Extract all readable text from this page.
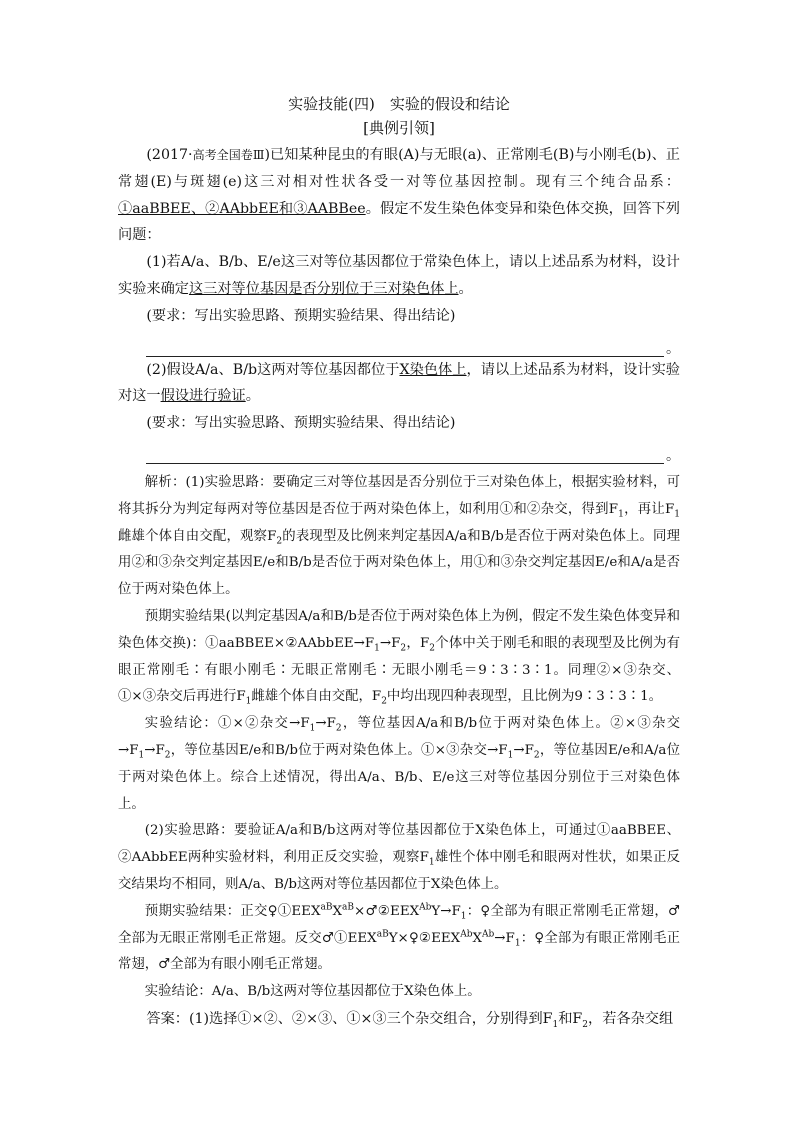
实验技能(四)　实验的假设和结论

[典例引领]

(2017·高考全国卷Ⅲ)已知某种昆虫的有眼(A)与无眼(a)、正常刚毛(B)与小刚毛(b)、正常翅(E)与斑翅(e)这三对相对性状各受一对等位基因控制。现有三个纯合品系：①aaBBEE、②AAbbEE和③AABBee。假定不发生染色体变异和染色体交换，回答下列问题：

(1)若A/a、B/b、E/e这三对等位基因都位于常染色体上，请以上述品系为材料，设计实验来确定这三对等位基因是否分别位于三对染色体上。

(要求：写出实验思路、预期实验结果、得出结论)

。

(2)假设A/a、B/b这两对等位基因都位于X染色体上，请以上述品系为材料，设计实验对这一假设进行验证。

(要求：写出实验思路、预期实验结果、得出结论)

。

解析：(1)实验思路：要确定三对等位基因是否分别位于三对染色体上，根据实验材料，可将其拆分为判定每两对等位基因是否位于两对染色体上，如利用①和②杂交，得到$F_1$，再让$F_1$雌雄个体自由交配，观察$F_2$的表现型及比例来判定基因A/a和B/b是否位于两对染色体上。同理用②和③杂交判定基因E/e和B/b是否位于两对染色体上，用①和③杂交判定基因E/e和A/a是否位于两对染色体上。

预期实验结果(以判定基因A/a和B/b是否位于两对染色体上为例，假定不发生染色体变异和染色体交换)：$①aaBBEE\times ②AAbbEE\to F_1\to F_2$，$F_2$个体中关于刚毛和眼的表现型及比例为有眼正常刚毛∶有眼小刚毛∶无眼正常刚毛∶无眼小刚毛＝9∶3∶3∶1。同理②×③杂交、①×③杂交后再进行$F_1$雌雄个体自由交配，$F_2$中均出现四种表现型，且比例为9∶3∶3∶1。

实验结论：①×②杂交$\to F_1\to F_2$，等位基因A/a和B/b位于两对染色体上。②×③杂交$\to F_1\to F_2$，等位基因E/e和B/b位于两对染色体上。①×③杂交$\to F_1\to F_2$，等位基因E/e和A/a位于两对染色体上。综合上述情况，得出A/a、B/b、E/e这三对等位基因分别位于三对染色体上。

(2)实验思路：要验证A/a和B/b这两对等位基因都位于X染色体上，可通过①aaBBEE、②AAbbEE两种实验材料，利用正反交实验，观察$F_1$雄性个体中刚毛和眼两对性状，如果正反交结果均不相同，则A/a、B/b这两对等位基因都位于X染色体上。

预期实验结果：正交$♀①EEX^{aB}X^{aB}\times♂②EEX^{Ab}Y\to F_1$：♀全部为有眼正常刚毛正常翅，♂全部为无眼正常刚毛正常翅。反交$♂①EEX^{aB}Y\times♀②EEX^{Ab}X^{Ab}\to F_1$：♀全部为有眼正常刚毛正常翅，♂全部为有眼小刚毛正常翅。

实验结论：A/a、B/b这两对等位基因都位于X染色体上。

答案：(1)选择①×②、②×③、①×③三个杂交组合，分别得到$F_1$和$F_2$，若各杂交组
